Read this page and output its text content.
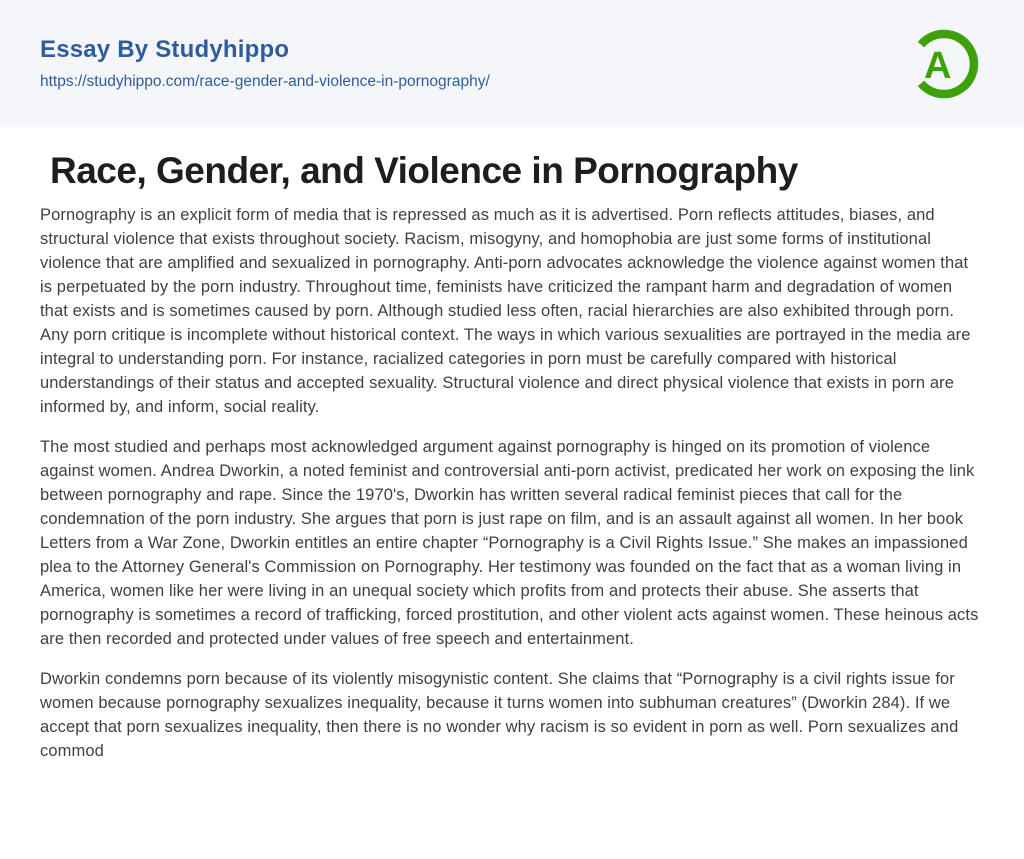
Essay By Studyhippo
https://studyhippo.com/race-gender-and-violence-in-pornography/	A
Race, Gender, and Violence in Pornography

Pornography is an explicit form of media that is repressed as much as it is advertised. Porn reflects attitudes, biases, and structural violence that exists throughout society. Racism, misogyny, and homophobia are just some forms of institutional violence that are amplified and sexualized in pornography. Anti-porn advocates acknowledge the violence against women that is perpetuated by the porn industry. Throughout time, feminists have criticized the rampant harm and degradation of women that exists and is sometimes caused by porn. Although studied less often, racial hierarchies are also exhibited through porn. Any porn critique is incomplete without historical context. The ways in which various sexualities are portrayed in the media are integral to understanding porn. For instance, racialized categories in porn must be carefully compared with historical understandings of their status and accepted sexuality. Structural violence and direct physical violence that exists in porn are informed by, and inform, social reality.

The most studied and perhaps most acknowledged argument against pornography is hinged on its promotion of violence against women. Andrea Dworkin, a noted feminist and controversial anti-porn activist, predicated her work on exposing the link between pornography and rape. Since the 1970's, Dworkin has written several radical feminist pieces that call for the condemnation of the porn industry. She argues that porn is just rape on film, and is an assault against all women. In her book Letters from a War Zone, Dworkin entitles an entire chapter “Pornography is a Civil Rights Issue.” She makes an impassioned plea to the Attorney General's Commission on Pornography. Her testimony was founded on the fact that as a woman living in America, women like her were living in an unequal society which profits from and protects their abuse. She asserts that pornography is sometimes a record of trafficking, forced prostitution, and other violent acts against women. These heinous acts are then recorded and protected under values of free speech and entertainment.

Dworkin condemns porn because of its violently misogynistic content. She claims that “Pornography is a civil rights issue for women because pornography sexualizes inequality, because it turns women into subhuman creatures” (Dworkin 284). If we accept that porn sexualizes inequality, then there is no wonder why racism is so evident in porn as well. Porn sexualizes and commod
